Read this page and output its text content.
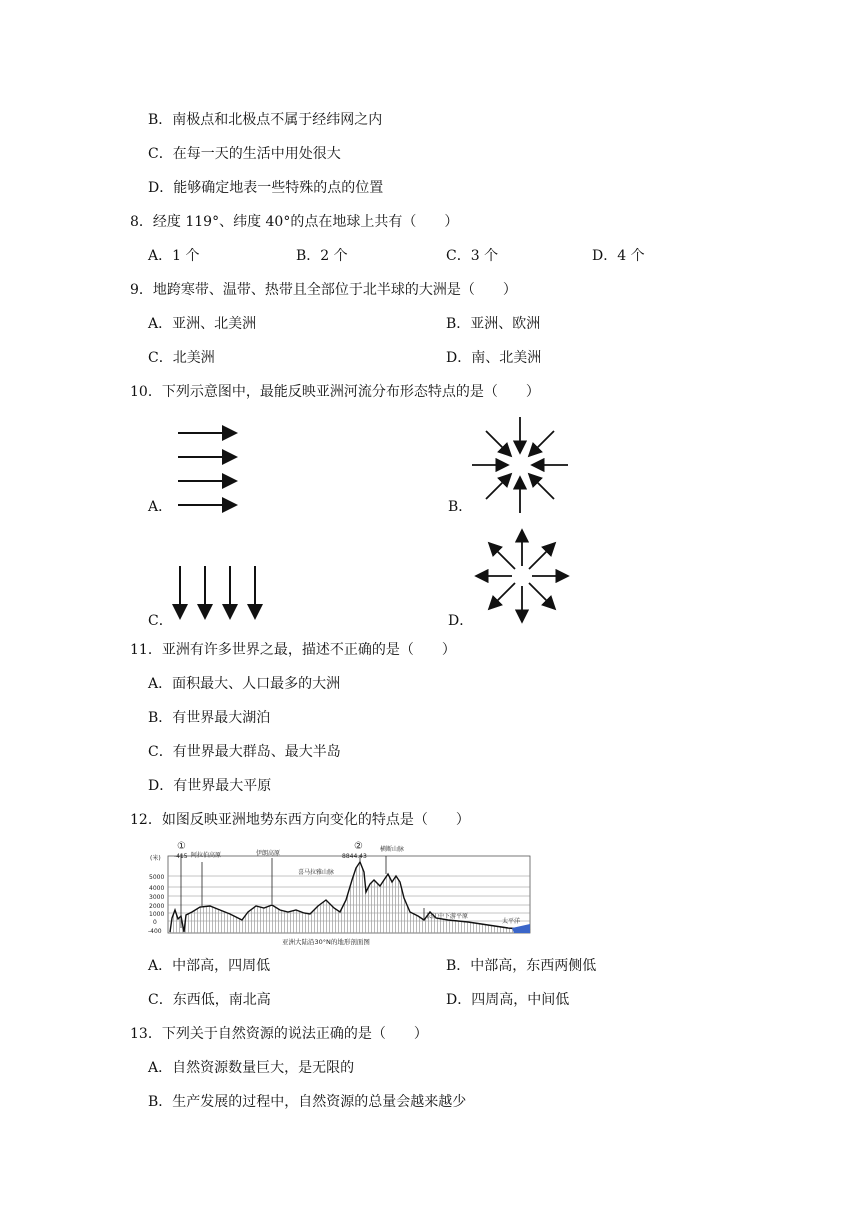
B．南极点和北极点不属于经纬网之内
C．在每一天的生活中用处很大
D．能够确定地表一些特殊的点的位置
8．经度 119°、纬度 40°的点在地球上共有（　　）
A．1 个	B．2 个	C．3 个	D．4 个
9．地跨寒带、温带、热带且全部位于北半球的大洲是（　　）
A．亚洲、北美洲	B．亚洲、欧洲
C．北美洲	D．南、北美洲
10．下列示意图中，最能反映亚洲河流分布形态特点的是（　　）
A．	B．
C．	D．
11．亚洲有许多世界之最，描述不正确的是（　　）
A．面积最大、人口最多的大洲
B．有世界最大湖泊
C．有世界最大群岛、最大半岛
D．有世界最大平原
12．如图反映亚洲地势东西方向变化的特点是（　　）
(米)
5000
4000
3000
2000
1000
0
-400
①
-415 阿拉伯高原	伊朗高原
②
8844.43
喜马拉雅山脉
横断山脉
长江中下游平原
太平洋
亚洲大陆沿30°N的地形剖面图
A．中部高，四周低	B．中部高，东西两侧低
C．东西低，南北高	D．四周高，中间低
13．下列关于自然资源的说法正确的是（　　）
A．自然资源数量巨大，是无限的
B．生产发展的过程中，自然资源的总量会越来越少
